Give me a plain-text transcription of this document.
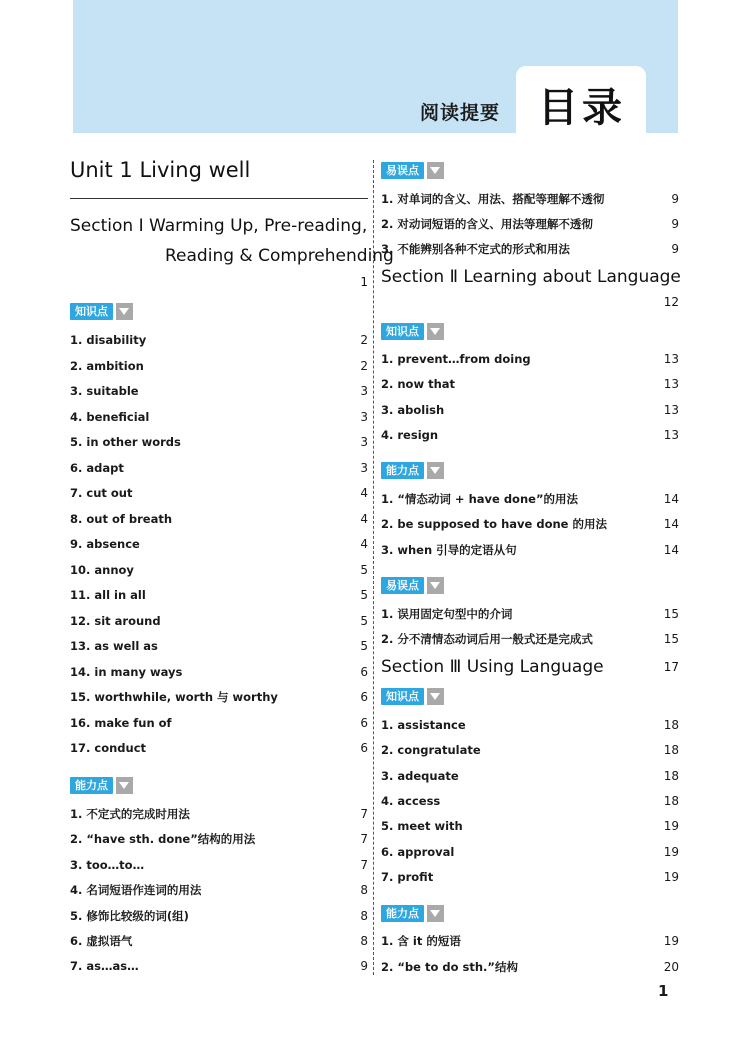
阅读提要 目录
Unit 1 Living well
Section Ⅰ Warming Up, Pre-reading,
Reading & Comprehending
1
知识点
1. disability	2
2. ambition	2
3. suitable	3
4. beneficial	3
5. in other words	3
6. adapt	3
7. cut out	4
8. out of breath	4
9. absence	4
10. annoy	5
11. all in all	5
12. sit around	5
13. as well as	5
14. in many ways	6
15. worthwhile, worth 与 worthy	6
16. make fun of	6
17. conduct	6
能力点
1. 不定式的完成时用法	7
2. “have sth. done”结构的用法	7
3. too…to…	7
4. 名词短语作连词的用法	8
5. 修饰比较级的词(组)	8
6. 虚拟语气	8
7. as…as…	9
易误点
1. 对单词的含义、用法、搭配等理解不透彻	9
2. 对动词短语的含义、用法等理解不透彻	9
3. 不能辨别各种不定式的形式和用法	9
Section Ⅱ Learning about Language
12
知识点
1. prevent…from doing	13
2. now that	13
3. abolish	13
4. resign	13
能力点
1. “情态动词 + have done”的用法	14
2. be supposed to have done 的用法	14
3. when 引导的定语从句	14
易误点
1. 误用固定句型中的介词	15
2. 分不清情态动词后用一般式还是完成式	15
Section Ⅲ Using Language	17
知识点
1. assistance	18
2. congratulate	18
3. adequate	18
4. access	18
5. meet with	19
6. approval	19
7. profit	19
能力点
1. 含 it 的短语	19
2. “be to do sth.”结构	20
1
